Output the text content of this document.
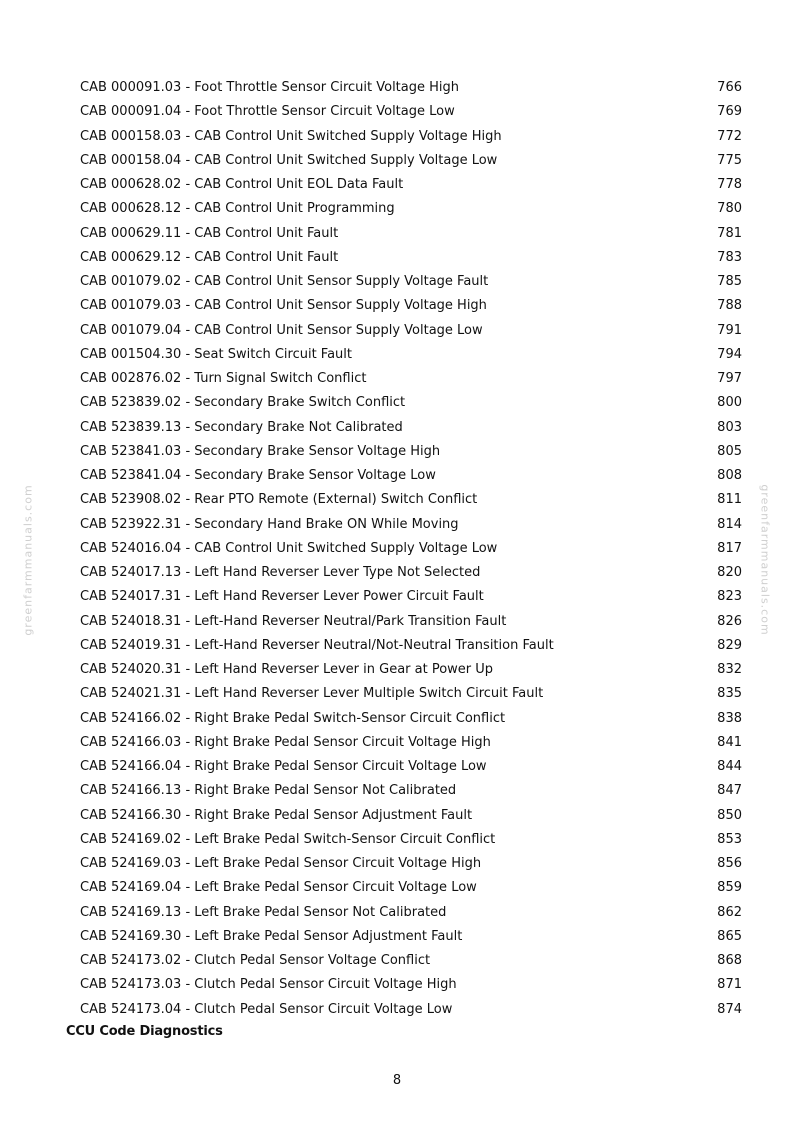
CAB 000091.03 - Foot Throttle Sensor Circuit Voltage High	766
CAB 000091.04 - Foot Throttle Sensor Circuit Voltage Low	769
CAB 000158.03 - CAB Control Unit Switched Supply Voltage High	772
CAB 000158.04 - CAB Control Unit Switched Supply Voltage Low	775
CAB 000628.02 - CAB Control Unit EOL Data Fault	778
CAB 000628.12 - CAB Control Unit Programming	780
CAB 000629.11 - CAB Control Unit Fault	781
CAB 000629.12 - CAB Control Unit Fault	783
CAB 001079.02 - CAB Control Unit Sensor Supply Voltage Fault	785
CAB 001079.03 - CAB Control Unit Sensor Supply Voltage High	788
CAB 001079.04 - CAB Control Unit Sensor Supply Voltage Low	791
CAB 001504.30 - Seat Switch Circuit Fault	794
CAB 002876.02 - Turn Signal Switch Conflict	797
CAB 523839.02 - Secondary Brake Switch Conflict	800
CAB 523839.13 - Secondary Brake Not Calibrated	803
CAB 523841.03 - Secondary Brake Sensor Voltage High	805
CAB 523841.04 - Secondary Brake Sensor Voltage Low	808
CAB 523908.02 - Rear PTO Remote (External) Switch Conflict	811
CAB 523922.31 - Secondary Hand Brake ON While Moving	814
CAB 524016.04 - CAB Control Unit Switched Supply Voltage Low	817
CAB 524017.13 - Left Hand Reverser Lever Type Not Selected	820
CAB 524017.31 - Left Hand Reverser Lever Power Circuit Fault	823
CAB 524018.31 - Left-Hand Reverser Neutral/Park Transition Fault	826
CAB 524019.31 - Left-Hand Reverser Neutral/Not-Neutral Transition Fault	829
CAB 524020.31 - Left Hand Reverser Lever in Gear at Power Up	832
CAB 524021.31 - Left Hand Reverser Lever Multiple Switch Circuit Fault	835
CAB 524166.02 - Right Brake Pedal Switch-Sensor Circuit Conflict	838
CAB 524166.03 - Right Brake Pedal Sensor Circuit Voltage High	841
CAB 524166.04 - Right Brake Pedal Sensor Circuit Voltage Low	844
CAB 524166.13 - Right Brake Pedal Sensor Not Calibrated	847
CAB 524166.30 - Right Brake Pedal Sensor Adjustment Fault	850
CAB 524169.02 - Left Brake Pedal Switch-Sensor Circuit Conflict	853
CAB 524169.03 - Left Brake Pedal Sensor Circuit Voltage High	856
CAB 524169.04 - Left Brake Pedal Sensor Circuit Voltage Low	859
CAB 524169.13 - Left Brake Pedal Sensor Not Calibrated	862
CAB 524169.30 - Left Brake Pedal Sensor Adjustment Fault	865
CAB 524173.02 - Clutch Pedal Sensor Voltage Conflict	868
CAB 524173.03 - Clutch Pedal Sensor Circuit Voltage High	871
CAB 524173.04 - Clutch Pedal Sensor Circuit Voltage Low	874
CCU Code Diagnostics
8
greenfarmmanuals.com	greenfarmmanuals.com
